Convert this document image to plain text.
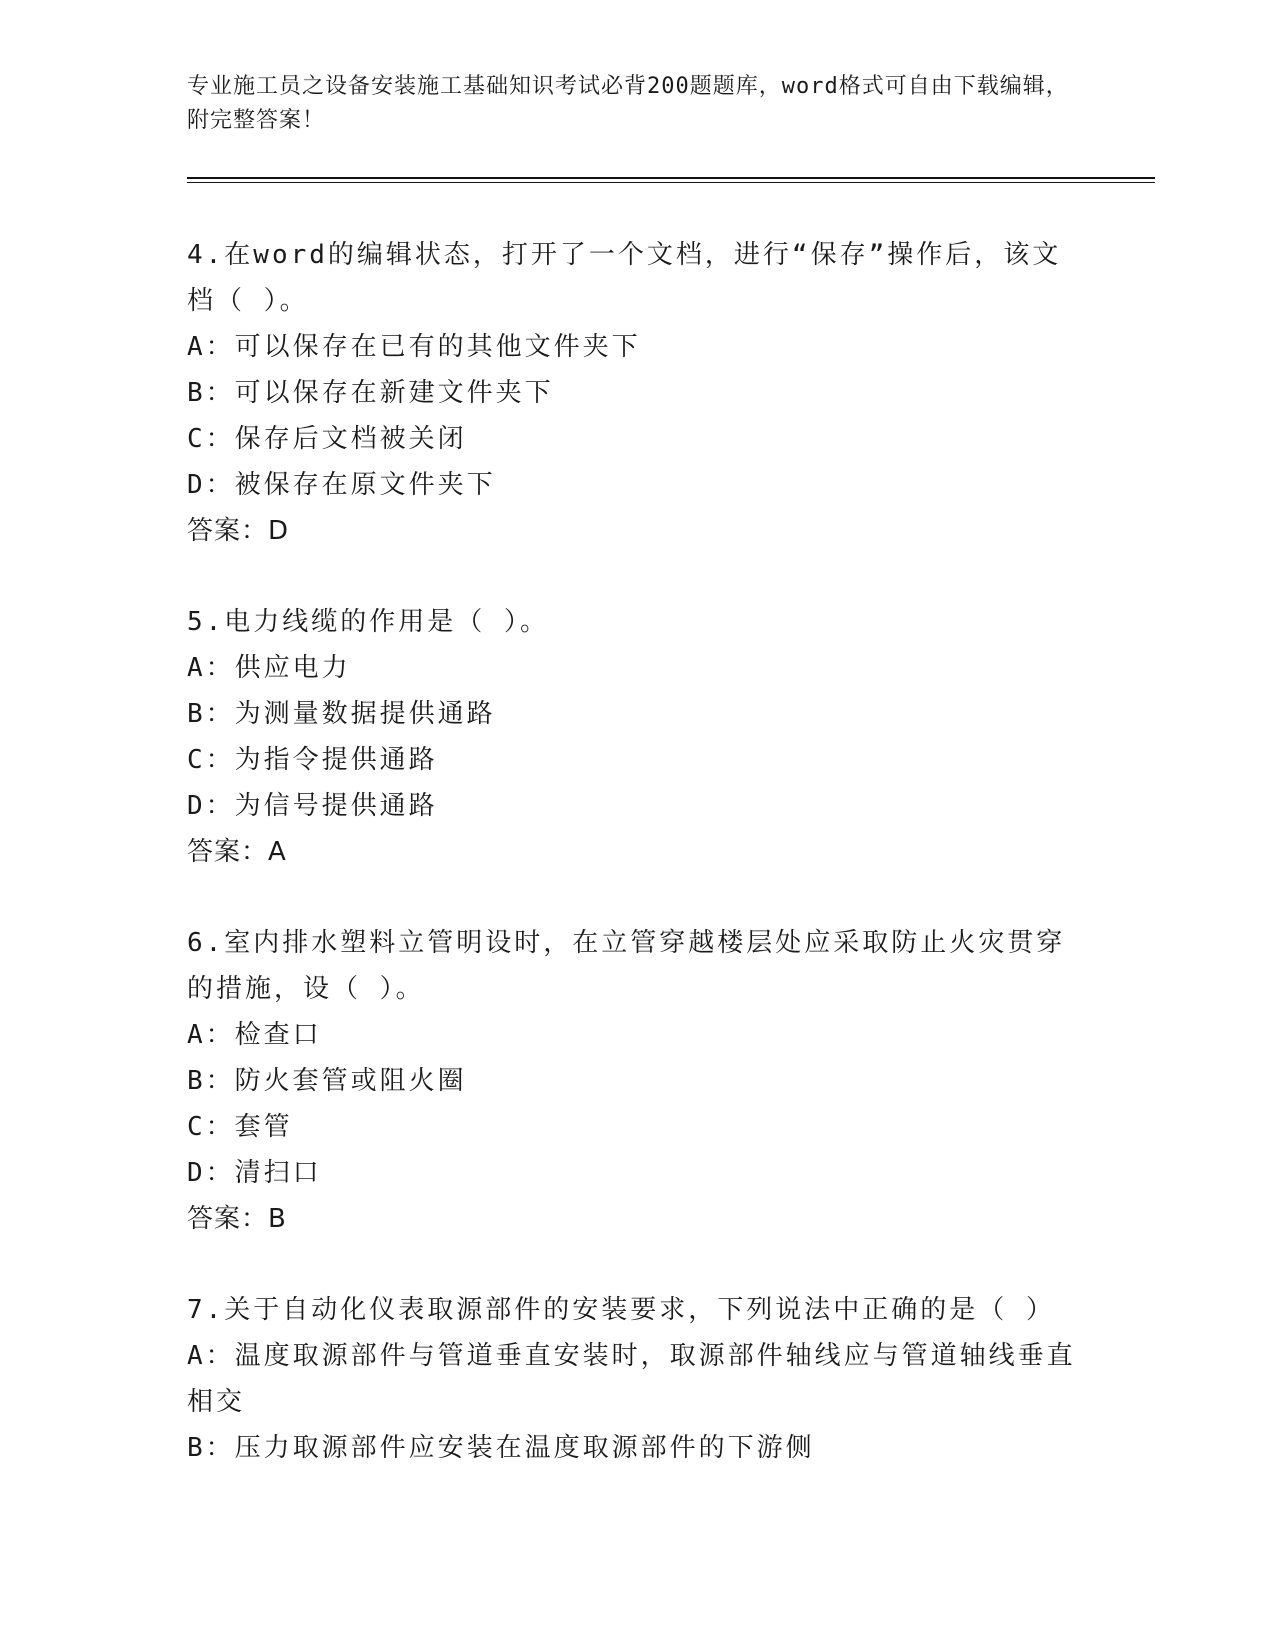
专业施工员之设备安装施工基础知识考试必背200题题库，word格式可自由下载编辑，附完整答案！
4.在word的编辑状态，打开了一个文档，进行“保存”操作后，该文档（ ）。
A：可以保存在已有的其他文件夹下
B：可以保存在新建文件夹下
C：保存后文档被关闭
D：被保存在原文件夹下
答案：D
5.电力线缆的作用是（ ）。
A：供应电力
B：为测量数据提供通路
C：为指令提供通路
D：为信号提供通路
答案：A
6.室内排水塑料立管明设时，在立管穿越楼层处应采取防止火灾贯穿的措施，设（ ）。
A：检查口
B：防火套管或阻火圈
C：套管
D：清扫口
答案：B
7.关于自动化仪表取源部件的安装要求，下列说法中正确的是（ ）
A：温度取源部件与管道垂直安装时，取源部件轴线应与管道轴线垂直相交
B：压力取源部件应安装在温度取源部件的下游侧
